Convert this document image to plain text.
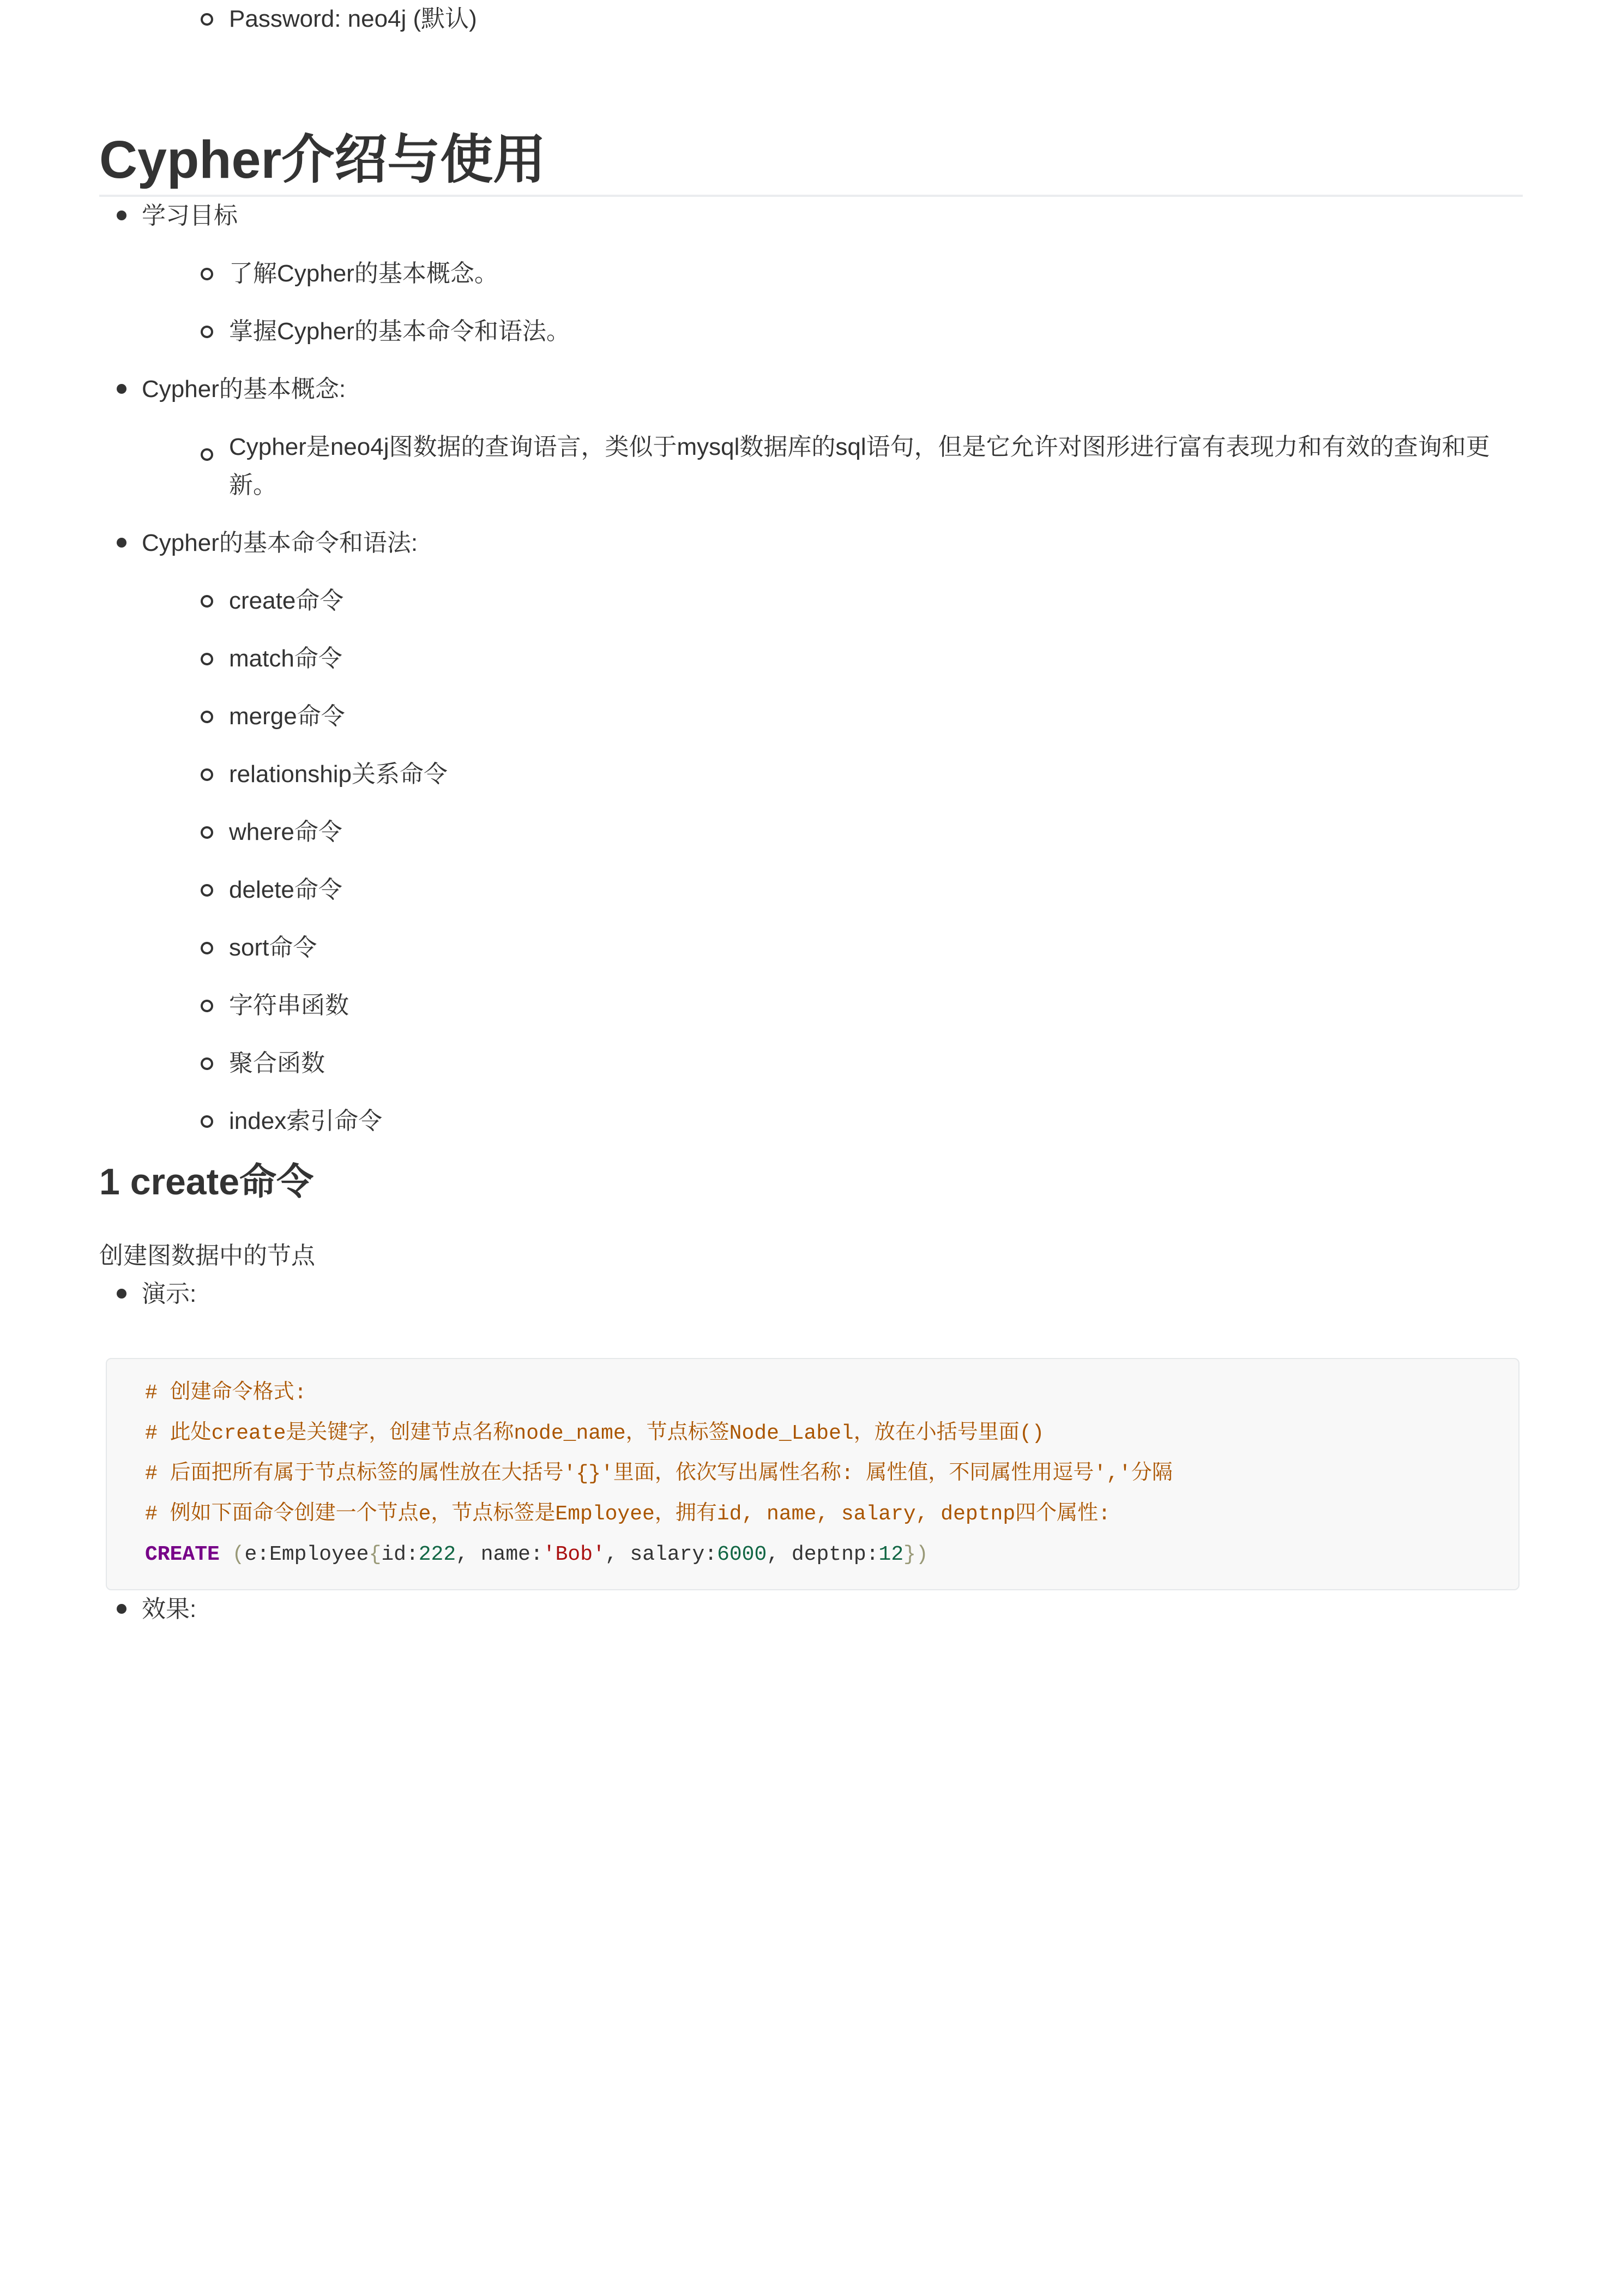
Password: neo4j (默认)
Cypher介绍与使用
学习目标
了解Cypher的基本概念。
掌握Cypher的基本命令和语法。
Cypher的基本概念:
Cypher是neo4j图数据的查询语言，类似于mysql数据库的sql语句，但是它允许对图形进行富有表现力和有效的查询和更新。
Cypher的基本命令和语法:
create命令
match命令
merge命令
relationship关系命令
where命令
delete命令
sort命令
字符串函数
聚合函数
index索引命令
1 create命令

创建图数据中的节点

演示:
# 创建命令格式:
# 此处create是关键字，创建节点名称node_name，节点标签Node_Label，放在小括号里面()
# 后面把所有属于节点标签的属性放在大括号'{}'里面，依次写出属性名称: 属性值，不同属性用逗号','分隔
# 例如下面命令创建一个节点e，节点标签是Employee，拥有id, name, salary, deptnp四个属性:
CREATE (e:Employee{id:222, name:'Bob', salary:6000, deptnp:12})
效果:
